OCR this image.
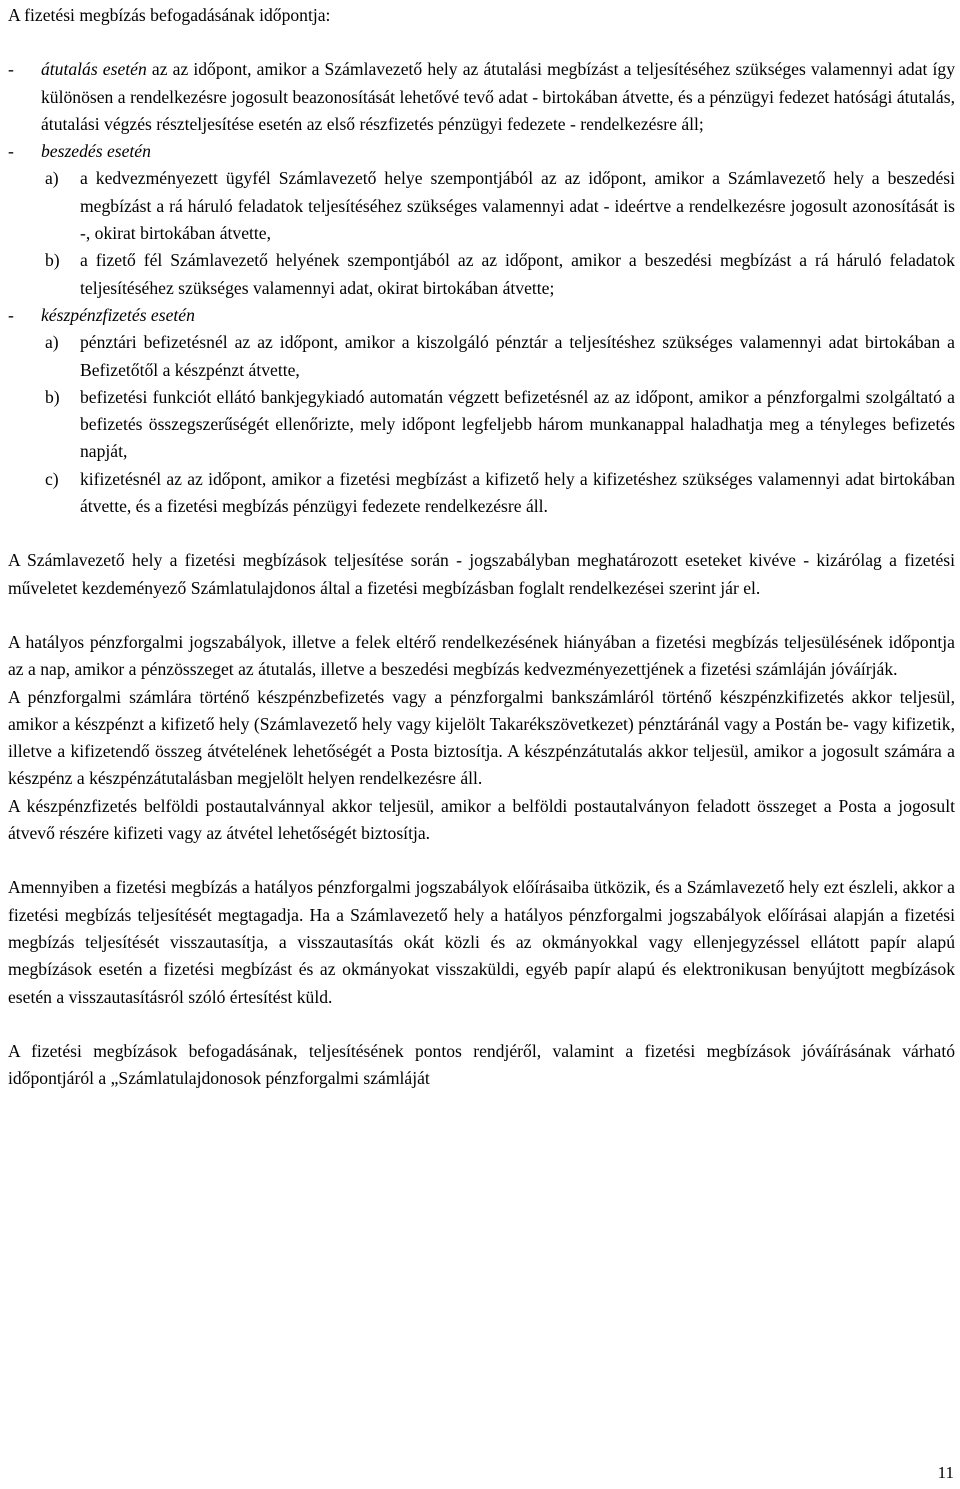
A fizetési megbízás befogadásának időpontja:
-	átutalás esetén az az időpont, amikor a Számlavezető hely az átutalási megbízást a teljesítéséhez szükséges valamennyi adat így különösen a rendelkezésre jogosult beazonosítását lehetővé tevő adat - birtokában átvette, és a pénzügyi fedezet hatósági átutalás, átutalási végzés részteljesítése esetén az első részfizetés pénzügyi fedezete - rendelkezésre áll;

-	beszedés esetén
a) a kedvezményezett ügyfél Számlavezető helye szempontjából az az időpont, amikor a Számlavezető hely a beszedési megbízást a rá háruló feladatok teljesítéséhez szükséges valamennyi adat - ideértve a rendelkezésre jogosult azonosítását is -, okirat birtokában átvette,
b) a fizető fél Számlavezető helyének szempontjából az az időpont, amikor a beszedési megbízást a rá háruló feladatok teljesítéséhez szükséges valamennyi adat, okirat birtokában átvette;
-	készpénzfizetés esetén
a) pénztári befizetésnél az az időpont, amikor a kiszolgáló pénztár a teljesítéshez szükséges valamennyi adat birtokában a Befizetőtől a készpénzt átvette,
b) befizetési funkciót ellátó bankjegykiadó automatán végzett befizetésnél az az időpont, amikor a pénzforgalmi szolgáltató a befizetés összegszerűségét ellenőrizte, mely időpont legfeljebb három munkanappal haladhatja meg a tényleges befizetés napját,
c) kifizetésnél az az időpont, amikor a fizetési megbízást a kifizető hely a kifizetéshez szükséges valamennyi adat birtokában átvette, és a fizetési megbízás pénzügyi fedezete rendelkezésre áll.

A Számlavezető hely a fizetési megbízások teljesítése során - jogszabályban meghatározott eseteket kivéve - kizárólag a fizetési műveletet kezdeményező Számlatulajdonos által a fizetési megbízásban foglalt rendelkezései szerint jár el.

A hatályos pénzforgalmi jogszabályok, illetve a felek eltérő rendelkezésének hiányában a fizetési megbízás teljesülésének időpontja az a nap, amikor a pénzösszeget az átutalás, illetve a beszedési megbízás kedvezményezettjének a fizetési számláján jóváírják.

A pénzforgalmi számlára történő készpénzbefizetés vagy a pénzforgalmi bankszámláról történő készpénzkifizetés akkor teljesül, amikor a készpénzt a kifizető hely (Számlavezető hely vagy kijelölt Takarékszövetkezet) pénztáránál vagy a Postán be- vagy kifizetik, illetve a kifizetendő összeg átvételének lehetőségét a Posta biztosítja. A készpénzátutalás akkor teljesül, amikor a jogosult számára a készpénz a készpénzátutalásban megjelölt helyen rendelkezésre áll.

A készpénzfizetés belföldi postautalvánnyal akkor teljesül, amikor a belföldi postautalványon feladott összeget a Posta a jogosult átvevő részére kifizeti vagy az átvétel lehetőségét biztosítja.

Amennyiben a fizetési megbízás a hatályos pénzforgalmi jogszabályok előírásaiba ütközik, és a Számlavezető hely ezt észleli, akkor a fizetési megbízás teljesítését megtagadja. Ha a Számlavezető hely a hatályos pénzforgalmi jogszabályok előírásai alapján a fizetési megbízás teljesítését visszautasítja, a visszautasítás okát közli és az okmányokkal vagy ellenjegyzéssel ellátott papír alapú megbízások esetén a fizetési megbízást és az okmányokat visszaküldi, egyéb papír alapú és elektronikusan benyújtott megbízások esetén a visszautasításról szóló értesítést küld.

A fizetési megbízások befogadásának, teljesítésének pontos rendjéről, valamint a fizetési megbízások jóváírásának várható időpontjáról a „Számlatulajdonosok pénzforgalmi számláját

11
